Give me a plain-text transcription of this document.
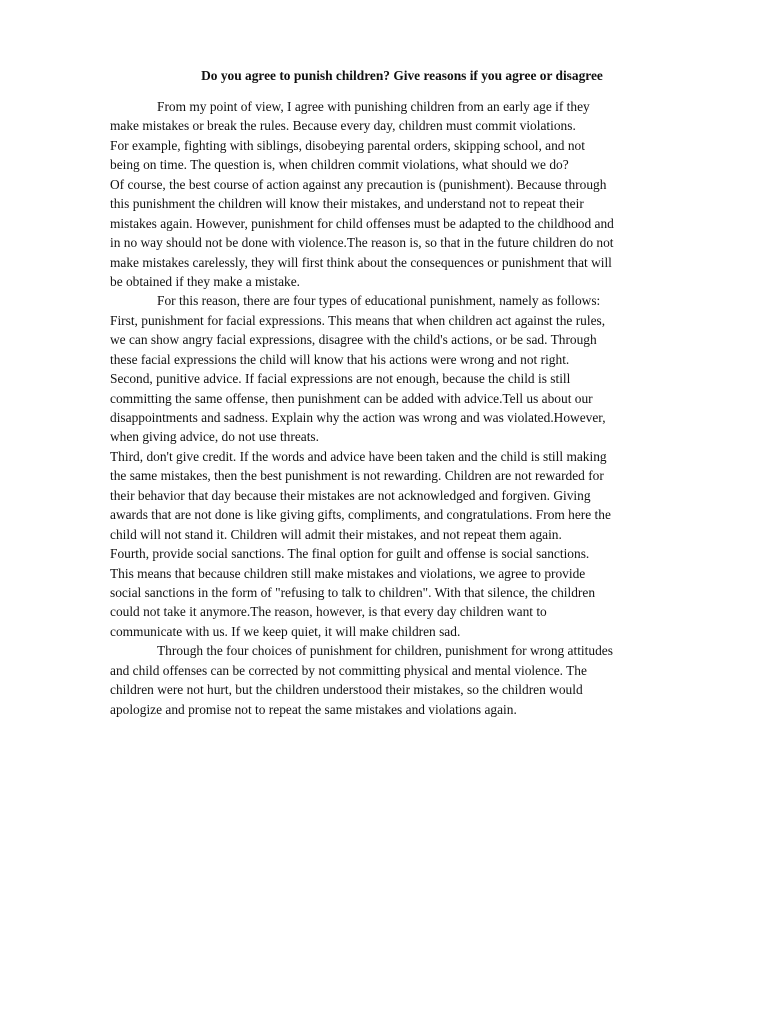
Do you agree to punish children? Give reasons if you agree or disagree
From my point of view, I agree with punishing children from an early age if they
make mistakes or break the rules. Because every day, children must commit violations.
For example, fighting with siblings, disobeying parental orders, skipping school, and not
being on time. The question is, when children commit violations, what should we do?
Of course, the best course of action against any precaution is (punishment). Because through
this punishment the children will know their mistakes, and understand not to repeat their
mistakes again. However, punishment for child offenses must be adapted to the childhood and
in no way should not be done with violence.The reason is, so that in the future children do not
make mistakes carelessly, they will first think about the consequences or punishment that will
be obtained if they make a mistake.
For this reason, there are four types of educational punishment, namely as follows:
First, punishment for facial expressions. This means that when children act against the rules,
we can show angry facial expressions, disagree with the child's actions, or be sad. Through
these facial expressions the child will know that his actions were wrong and not right.
Second, punitive advice. If facial expressions are not enough, because the child is still
committing the same offense, then punishment can be added with advice.Tell us about our
disappointments and sadness. Explain why the action was wrong and was violated.However,
when giving advice, do not use threats.
Third, don't give credit. If the words and advice have been taken and the child is still making
the same mistakes, then the best punishment is not rewarding. Children are not rewarded for
their behavior that day because their mistakes are not acknowledged and forgiven. Giving
awards that are not done is like giving gifts, compliments, and congratulations. From here the
child will not stand it. Children will admit their mistakes, and not repeat them again.
Fourth, provide social sanctions. The final option for guilt and offense is social sanctions.
This means that because children still make mistakes and violations, we agree to provide
social sanctions in the form of "refusing to talk to children". With that silence, the children
could not take it anymore.The reason, however, is that every day children want to
communicate with us. If we keep quiet, it will make children sad.
Through the four choices of punishment for children, punishment for wrong attitudes
and child offenses can be corrected by not committing physical and mental violence. The
children were not hurt, but the children understood their mistakes, so the children would
apologize and promise not to repeat the same mistakes and violations again.
